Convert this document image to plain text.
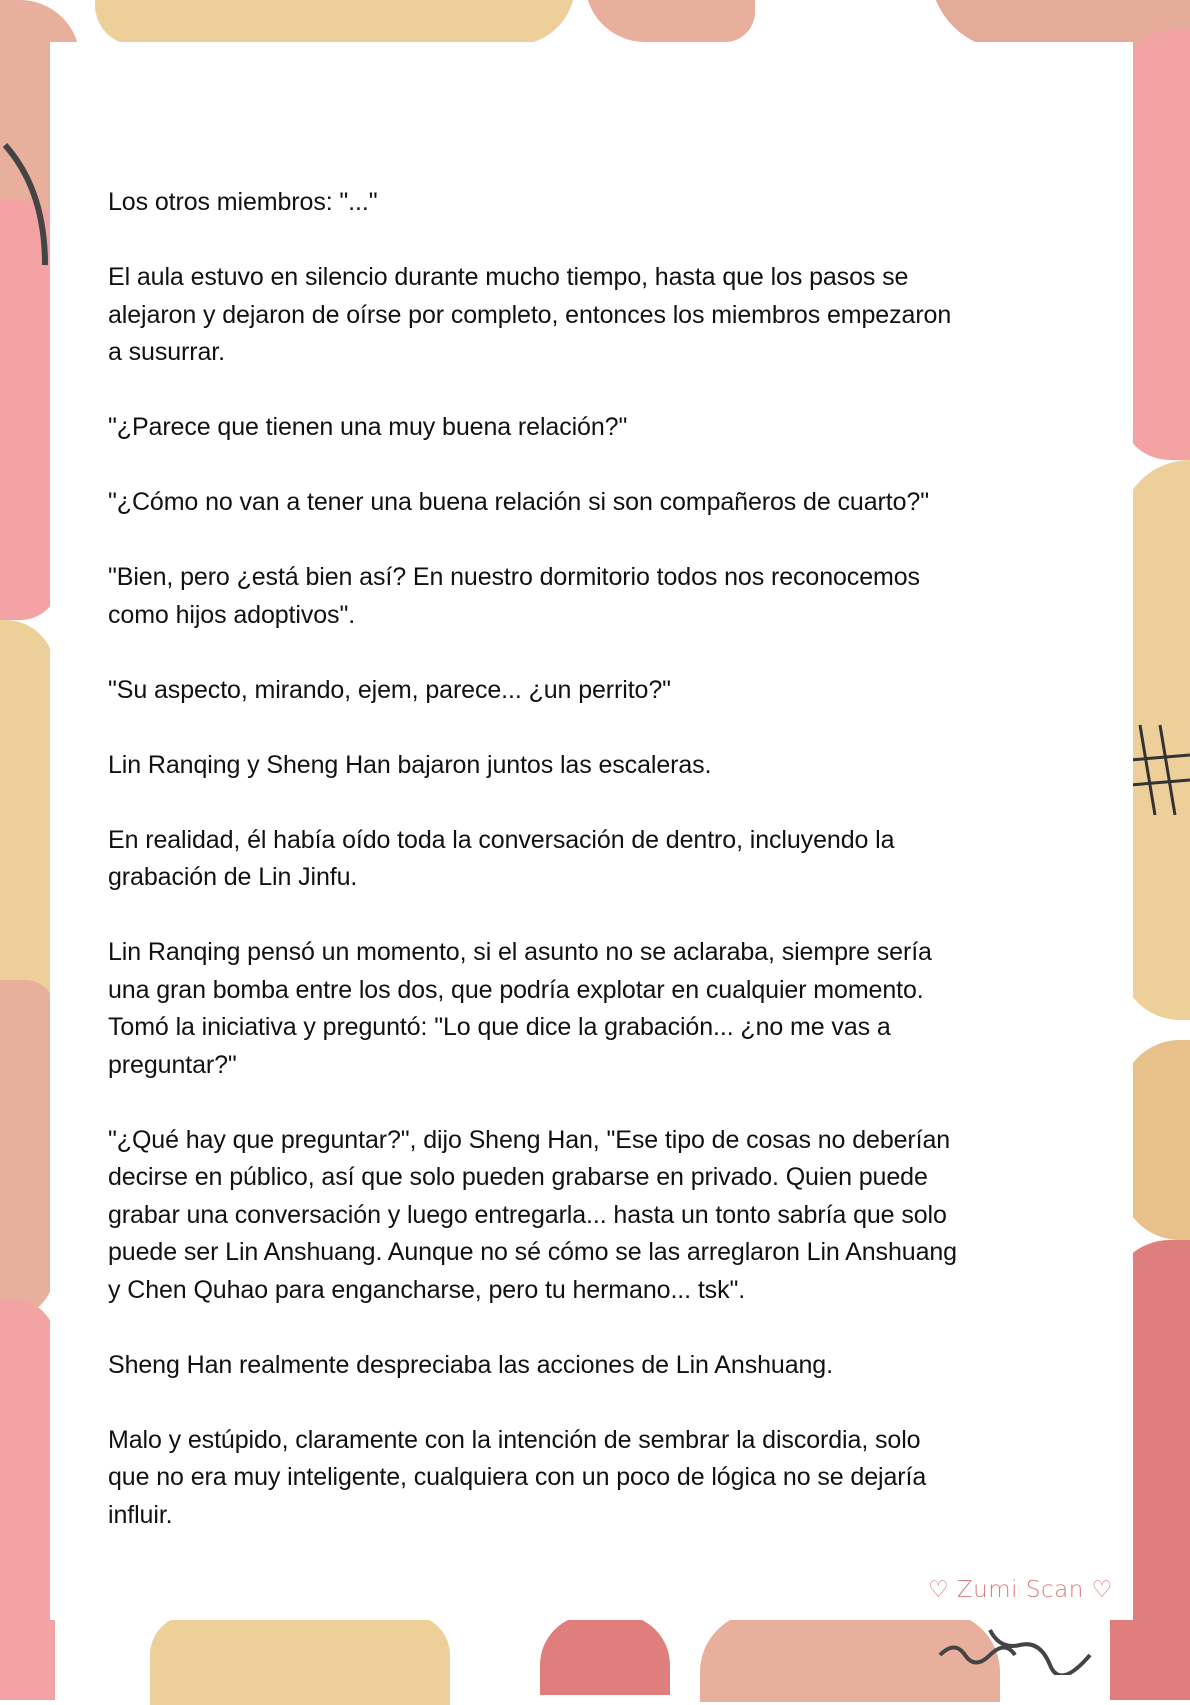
Los otros miembros: "..."
El aula estuvo en silencio durante mucho tiempo, hasta que los pasos se
alejaron y dejaron de oírse por completo, entonces los miembros empezaron
a susurrar.
"¿Parece que tienen una muy buena relación?"
"¿Cómo no van a tener una buena relación si son compañeros de cuarto?"
"Bien, pero ¿está bien así? En nuestro dormitorio todos nos reconocemos
como hijos adoptivos".
"Su aspecto, mirando, ejem, parece... ¿un perrito?"
Lin Ranqing y Sheng Han bajaron juntos las escaleras.
En realidad, él había oído toda la conversación de dentro, incluyendo la
grabación de Lin Jinfu.
Lin Ranqing pensó un momento, si el asunto no se aclaraba, siempre sería
una gran bomba entre los dos, que podría explotar en cualquier momento.
Tomó la iniciativa y preguntó: "Lo que dice la grabación... ¿no me vas a
preguntar?"
"¿Qué hay que preguntar?", dijo Sheng Han, "Ese tipo de cosas no deberían
decirse en público, así que solo pueden grabarse en privado. Quien puede
grabar una conversación y luego entregarla... hasta un tonto sabría que solo
puede ser Lin Anshuang. Aunque no sé cómo se las arreglaron Lin Anshuang
y Chen Quhao para engancharse, pero tu hermano... tsk".
Sheng Han realmente despreciaba las acciones de Lin Anshuang.
Malo y estúpido, claramente con la intención de sembrar la discordia, solo
que no era muy inteligente, cualquiera con un poco de lógica no se dejaría
influir.
♡ Zumi Scan ♡
